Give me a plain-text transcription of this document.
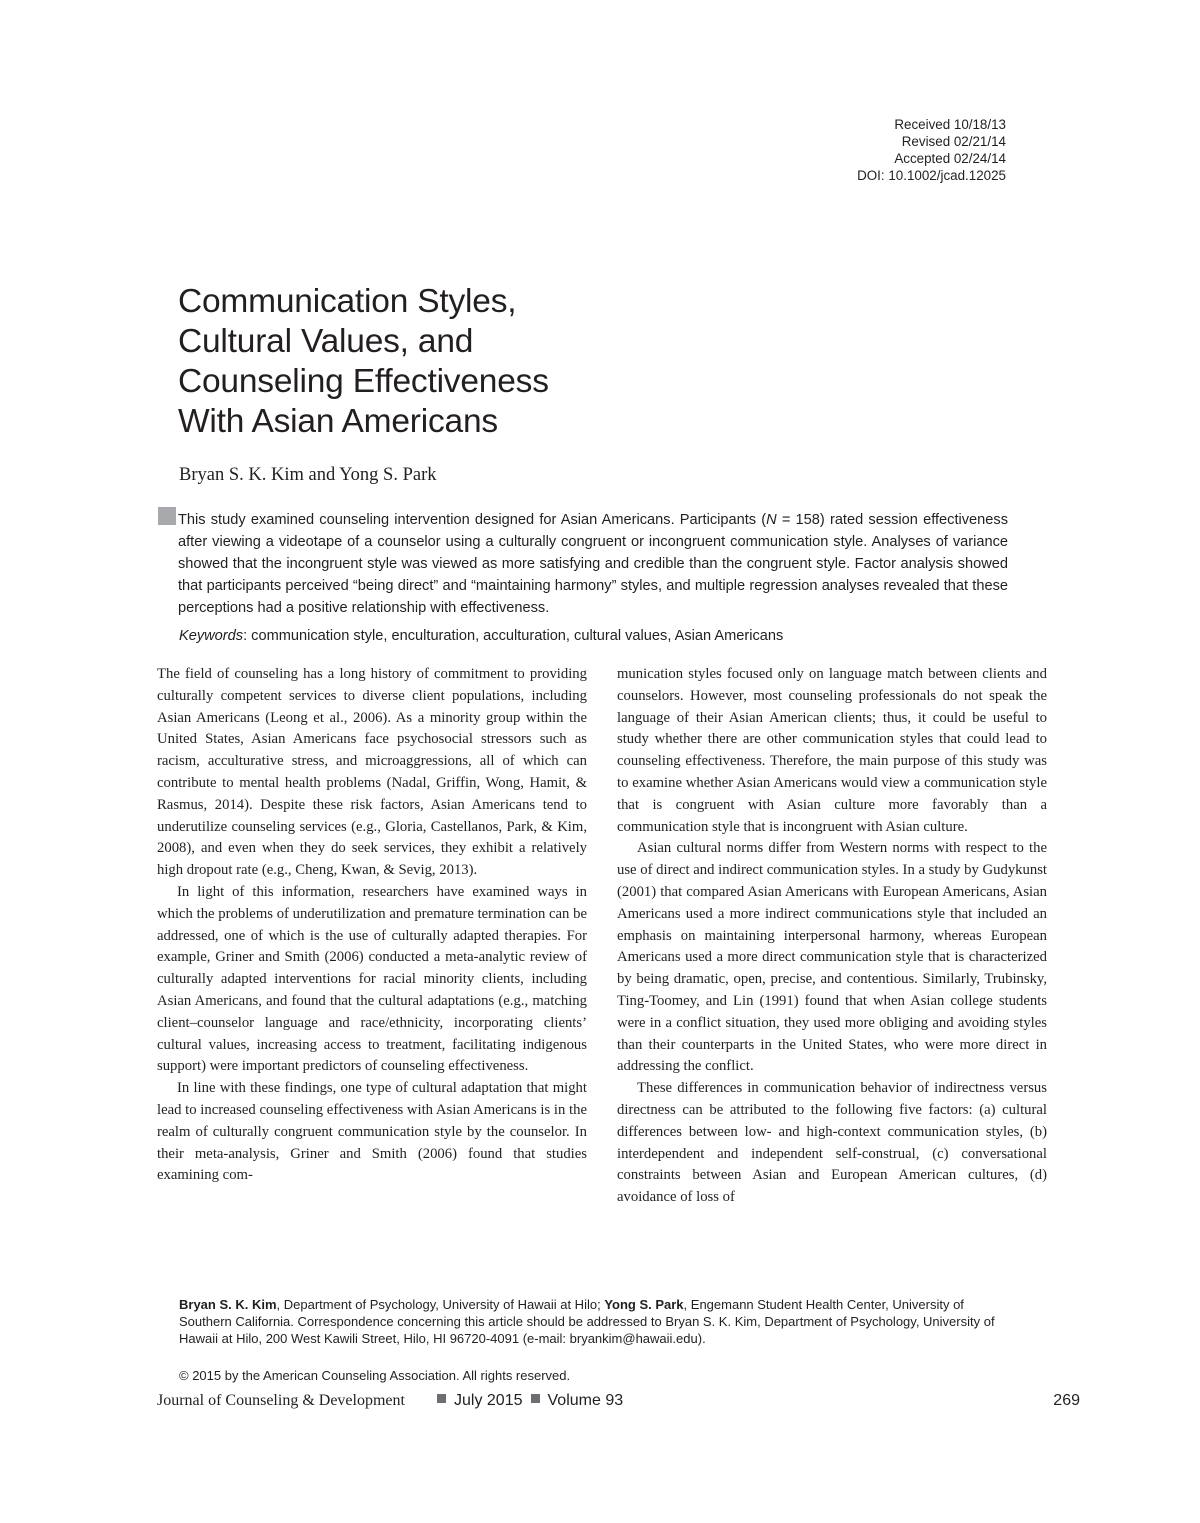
Received 10/18/13
Revised 02/21/14
Accepted 02/24/14
DOI: 10.1002/jcad.12025
Communication Styles,
Cultural Values, and
Counseling Effectiveness
With Asian Americans
Bryan S. K. Kim and Yong S. Park

This study examined counseling intervention designed for Asian Americans. Participants (N = 158) rated session effectiveness after viewing a videotape of a counselor using a culturally congruent or incongruent communication style. Analyses of variance showed that the incongruent style was viewed as more satisfying and credible than the congruent style. Factor analysis showed that participants perceived “being direct” and “maintaining harmony” styles, and multiple regression analyses revealed that these perceptions had a positive relationship with effectiveness.

Keywords: communication style, enculturation, acculturation, cultural values, Asian Americans

The field of counseling has a long history of commitment to providing culturally competent services to diverse client populations, including Asian Americans (Leong et al., 2006). As a minority group within the United States, Asian Americans face psychosocial stressors such as racism, acculturative stress, and microaggressions, all of which can contribute to mental health problems (Nadal, Griffin, Wong, Hamit, & Rasmus, 2014). Despite these risk factors, Asian Americans tend to underutilize counseling services (e.g., Gloria, Castellanos, Park, & Kim, 2008), and even when they do seek services, they exhibit a relatively high dropout rate (e.g., Cheng, Kwan, & Sevig, 2013).

In light of this information, researchers have examined ways in which the problems of underutilization and premature termination can be addressed, one of which is the use of culturally adapted therapies. For example, Griner and Smith (2006) conducted a meta-analytic review of culturally adapted interventions for racial minority clients, including Asian Americans, and found that the cultural adaptations (e.g., matching client–counselor language and race/ethnicity, incorporating clients’ cultural values, increasing access to treatment, facilitating indigenous support) were important predictors of counseling effectiveness.

In line with these findings, one type of cultural adaptation that might lead to increased counseling effectiveness with Asian Americans is in the realm of culturally congruent communication style by the counselor. In their meta-analysis, Griner and Smith (2006) found that studies examining com-

munication styles focused only on language match between clients and counselors. However, most counseling professionals do not speak the language of their Asian American clients; thus, it could be useful to study whether there are other communication styles that could lead to counseling effectiveness. Therefore, the main purpose of this study was to examine whether Asian Americans would view a communication style that is congruent with Asian culture more favorably than a communication style that is incongruent with Asian culture.

Asian cultural norms differ from Western norms with respect to the use of direct and indirect communication styles. In a study by Gudykunst (2001) that compared Asian Americans with European Americans, Asian Americans used a more indirect communications style that included an emphasis on maintaining interpersonal harmony, whereas European Americans used a more direct communication style that is characterized by being dramatic, open, precise, and contentious. Similarly, Trubinsky, Ting-Toomey, and Lin (1991) found that when Asian college students were in a conflict situation, they used more obliging and avoiding styles than their counterparts in the United States, who were more direct in addressing the conflict.

These differences in communication behavior of indirectness versus directness can be attributed to the following five factors: (a) cultural differences between low- and high-context communication styles, (b) interdependent and independent self-construal, (c) conversational constraints between Asian and European American cultures, (d) avoidance of loss of

Bryan S. K. Kim, Department of Psychology, University of Hawaii at Hilo; Yong S. Park, Engemann Student Health Center, University of Southern California. Correspondence concerning this article should be addressed to Bryan S. K. Kim, Department of Psychology, University of Hawaii at Hilo, 200 West Kawili Street, Hilo, HI 96720-4091 (e-mail: bryankim@hawaii.edu).

© 2015 by the American Counseling Association. All rights reserved.
Journal of Counseling & Development	July 2015 Volume 93	269
